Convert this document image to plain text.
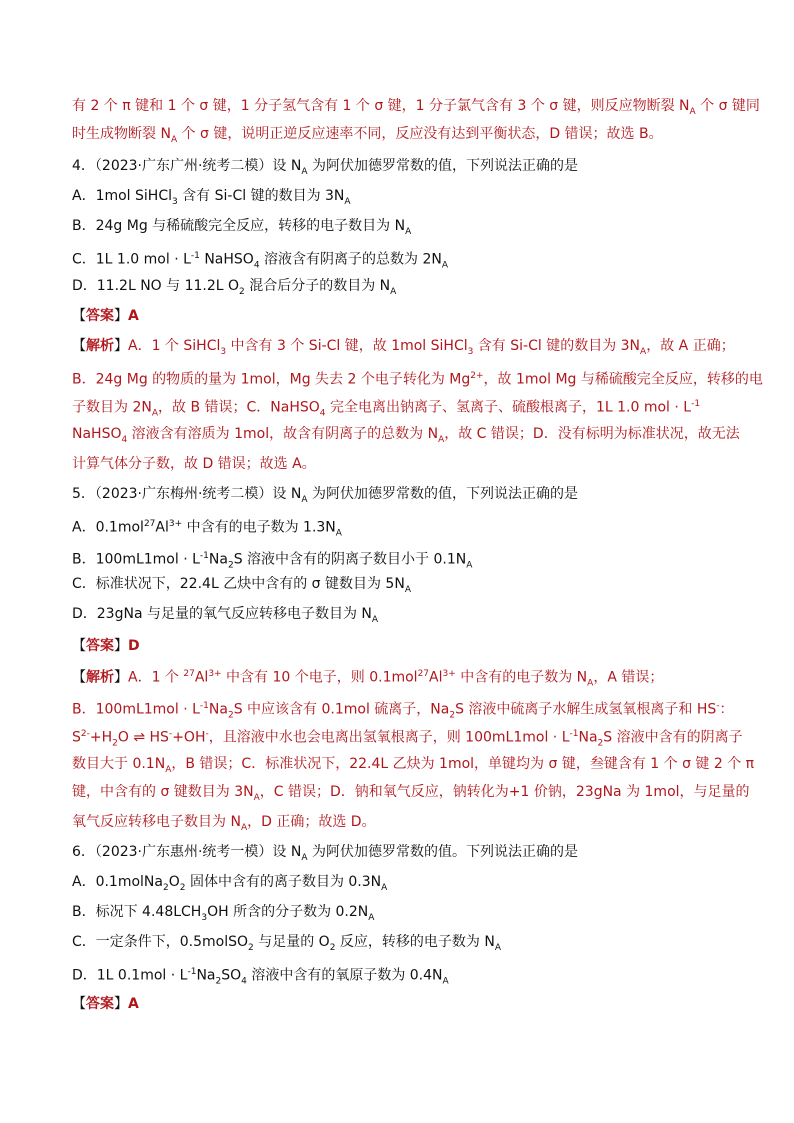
有 2 个 π 键和 1 个 σ 键，1 分子氢气含有 1 个 σ 键，1 分子氯气含有 3 个 σ 键，则反应物断裂 $N_A$ 个 σ 键同
时生成物断裂 $N_A$ 个 σ 键，说明正逆反应速率不同，反应没有达到平衡状态，D 错误；故选 B。
4．（2023·广东广州·统考二模）设 $N_A$ 为阿伏加德罗常数的值，下列说法正确的是
A．1mol SiHCl$_3$ 含有 Si-Cl 键的数目为 $3N_A$
B．24g Mg 与稀硫酸完全反应，转移的电子数目为 $N_A$
C．1L 1.0 mol · $L^{-1}$ NaHSO$_4$ 溶液含有阴离子的总数为 $2N_A$
D．11.2L NO 与 11.2L $O_2$ 混合后分子的数目为 $N_A$
【答案】A
【解析】A．1 个 SiHCl$_3$ 中含有 3 个 Si-Cl 键，故 1mol SiHCl$_3$ 含有 Si-Cl 键的数目为 $3N_A$，故 A 正确；
B．24g Mg 的物质的量为 1mol，Mg 失去 2 个电子转化为 $Mg^{2+}$，故 1mol Mg 与稀硫酸完全反应，转移的电
子数目为 $2N_A$，故 B 错误；C．NaHSO$_4$ 完全电离出钠离子、氢离子、硫酸根离子，1L 1.0 mol · $L^{-1}$
NaHSO$_4$ 溶液含有溶质为 1mol，故含有阴离子的总数为 $N_A$，故 C 错误；D．没有标明为标准状况，故无法
计算气体分子数，故 D 错误；故选 A。
5．（2023·广东梅州·统考二模）设 $N_A$ 为阿伏加德罗常数的值，下列说法正确的是
A．$0.1mol^{27}Al^{3+}$ 中含有的电子数为 $1.3N_A$
B．$100mL1mol \cdot L^{-1}Na_2S$ 溶液中含有的阴离子数目小于 $0.1N_A$
C．标准状况下，22.4L 乙炔中含有的 σ 键数目为 $5N_A$
D．23gNa 与足量的氧气反应转移电子数目为 $N_A$
【答案】D
【解析】A．1 个 $^{27}Al^{3+}$ 中含有 10 个电子，则 $0.1mol^{27}Al^{3+}$ 中含有的电子数为 $N_A$，A 错误；
B．$100mL1mol \cdot L^{-1}Na_2S$ 中应该含有 0.1mol 硫离子，$Na_2S$ 溶液中硫离子水解生成氢氧根离子和 HS-：
$S^{2-}+H_2O$ ⇌ HS-+OH-，且溶液中水也会电离出氢氧根离子，则 $100mL1mol \cdot L^{-1}Na_2S$ 溶液中含有的阴离子
数目大于 $0.1N_A$，B 错误；C．标准状况下，22.4L 乙炔为 1mol，单键均为 σ 键，叁键含有 1 个 σ 键 2 个 π
键，中含有的 σ 键数目为 $3N_A$，C 错误；D．钠和氧气反应，钠转化为+1 价钠，23gNa 为 1mol，与足量的
氧气反应转移电子数目为 $N_A$，D 正确；故选 D。
6．（2023·广东惠州·统考一模）设 $N_A$ 为阿伏加德罗常数的值。下列说法正确的是
A．$0.1molNa_2O_2$ 固体中含有的离子数目为 $0.3N_A$
B．标况下 $4.48LCH_3OH$ 所含的分子数为 $0.2N_A$
C．一定条件下，0.5molSO$_2$ 与足量的 $O_2$ 反应，转移的电子数为 $N_A$
D．1L $0.1mol \cdot L^{-1}Na_2SO_4$ 溶液中含有的氧原子数为 $0.4N_A$
【答案】A
